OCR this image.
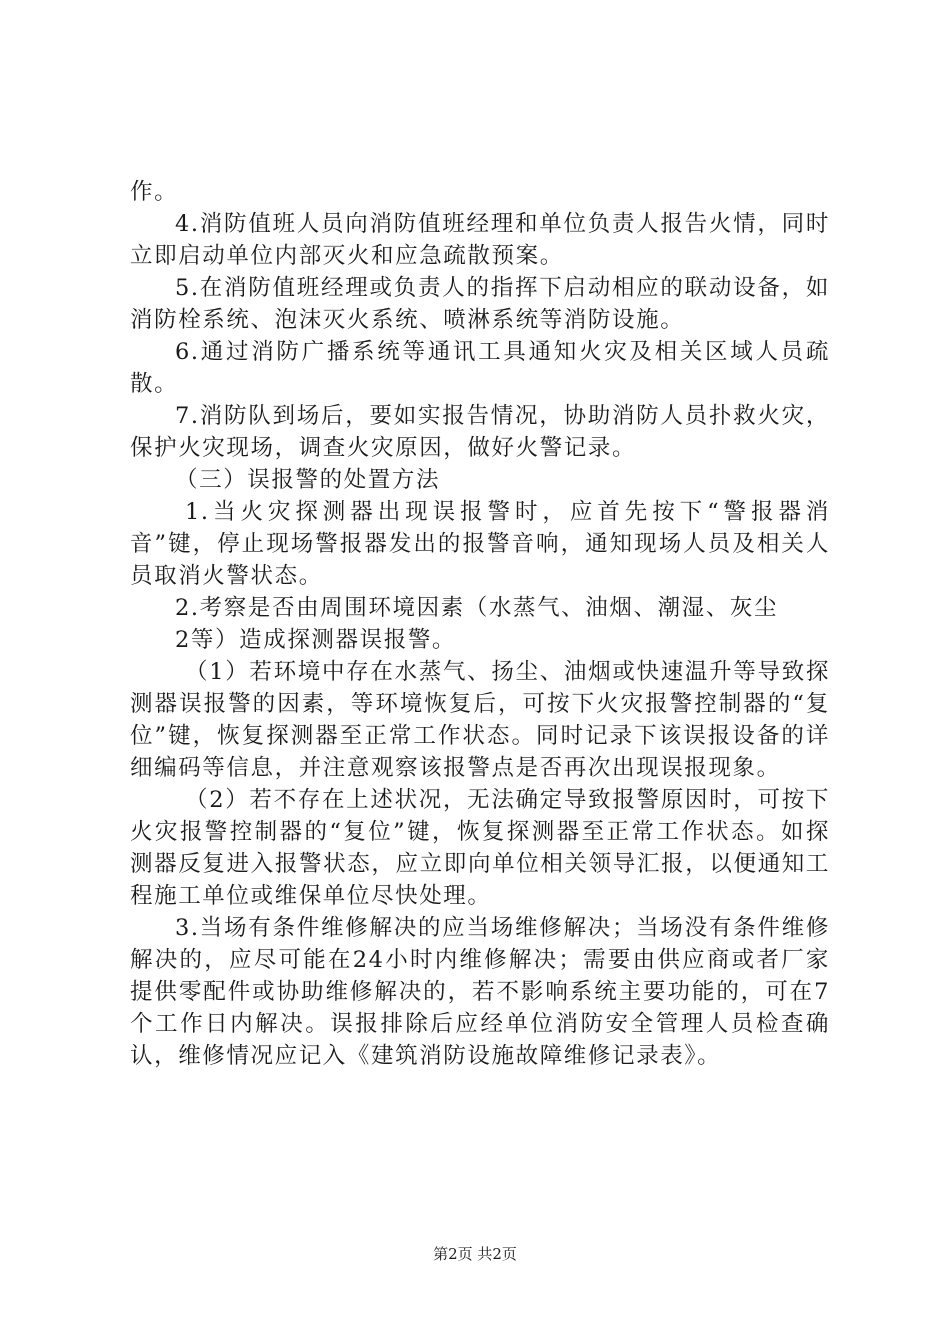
作。

4.消防值班人员向消防值班经理和单位负责人报告火情，同时立即启动单位内部灭火和应急疏散预案。

5.在消防值班经理或负责人的指挥下启动相应的联动设备，如消防栓系统、泡沫灭火系统、喷淋系统等消防设施。

6.通过消防广播系统等通讯工具通知火灾及相关区域人员疏散。

7.消防队到场后，要如实报告情况，协助消防人员扑救火灾，保护火灾现场，调查火灾原因，做好火警记录。

（三）误报警的处置方法

1.当火灾探测器出现误报警时，应首先按下“警报器消音”键，停止现场警报器发出的报警音响，通知现场人员及相关人员取消火警状态。

2.考察是否由周围环境因素（水蒸气、油烟、潮湿、灰尘

2等）造成探测器误报警。

（1）若环境中存在水蒸气、扬尘、油烟或快速温升等导致探测器误报警的因素，等环境恢复后，可按下火灾报警控制器的“复位”键，恢复探测器至正常工作状态。同时记录下该误报设备的详细编码等信息，并注意观察该报警点是否再次出现误报现象。

（2）若不存在上述状况，无法确定导致报警原因时，可按下火灾报警控制器的“复位”键，恢复探测器至正常工作状态。如探测器反复进入报警状态，应立即向单位相关领导汇报，以便通知工程施工单位或维保单位尽快处理。

3.当场有条件维修解决的应当场维修解决；当场没有条件维修解决的，应尽可能在24小时内维修解决；需要由供应商或者厂家提供零配件或协助维修解决的，若不影响系统主要功能的，可在7个工作日内解决。误报排除后应经单位消防安全管理人员检查确认，维修情况应记入《建筑消防设施故障维修记录表》。

第2页 共2页
